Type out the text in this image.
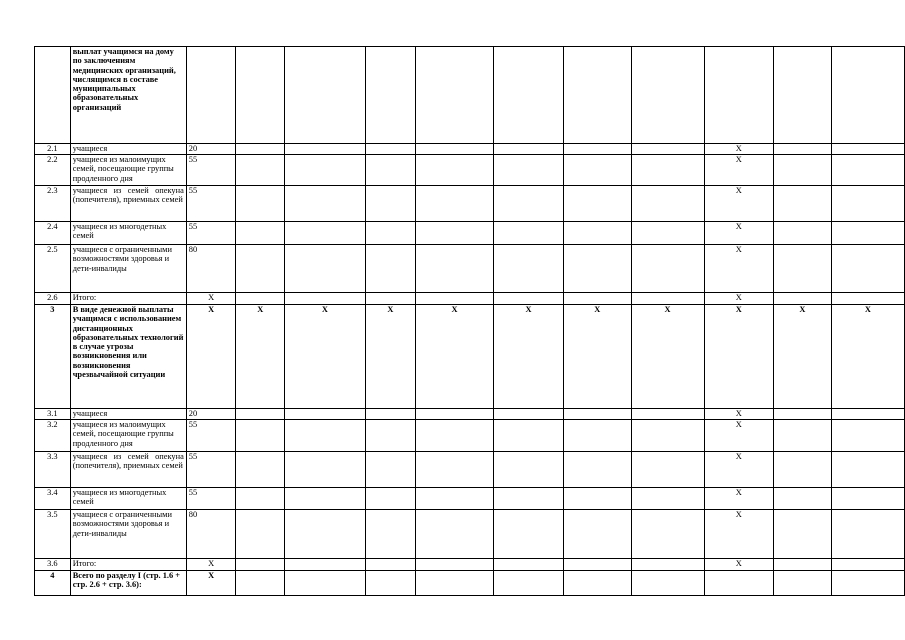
	выплат учащимся на дому по заключениям медицинских организаций, числящимся в составе муниципальных образовательных организаций											
2.1	учащиеся	20								X		
2.2	учащиеся из малоимущих семей, посещающие группы продленного дня	55								X		
2.3	учащиеся из семей опекуна (попечителя), приемных семей	55								X		
2.4	учащиеся из многодетных семей	55								X		
2.5	учащиеся с ограниченными возможностями здоровья и дети-инвалиды	80								X		
2.6	Итого:	X								X		
3	В виде денежной выплаты учащимся с использованием дистанционных образовательных технологий в случае угрозы возникновения или возникновения чрезвычайной ситуации	X	X	X	X	X	X	X	X	X	X	X
3.1	учащиеся	20								X		
3.2	учащиеся из малоимущих семей, посещающие группы продленного дня	55								X		
3.3	учащиеся из семей опекуна (попечителя), приемных семей	55								X		
3.4	учащиеся из многодетных семей	55								X		
3.5	учащиеся с ограниченными возможностями здоровья и дети-инвалиды	80								X		
3.6	Итого:	X								X		
4	Всего по разделу I (стр. 1.6 + стр. 2.6 + стр. 3.6):	X										
